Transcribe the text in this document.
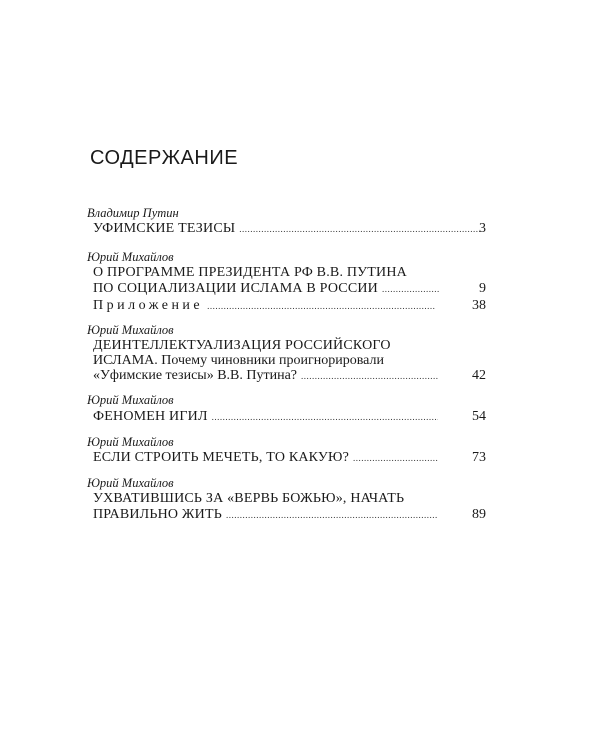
СОДЕРЖАНИЕ
Владимир Путин
УФИМСКИЕ ТЕЗИСЫ .....	3
Юрий Михайлов
О ПРОГРАММЕ ПРЕЗИДЕНТА РФ В.В. ПУТИНА
ПО СОЦИАЛИЗАЦИИ ИСЛАМА В РОССИИ .....	9
Приложение .....	38
Юрий Михайлов
ДЕИНТЕЛЛЕКТУАЛИЗАЦИЯ РОССИЙСКОГО
ИСЛАМА. Почему чиновники проигнорировали
«Уфимские тезисы» В.В. Путина? .....	42
Юрий Михайлов
ФЕНОМЕН ИГИЛ .....	54
Юрий Михайлов
ЕСЛИ СТРОИТЬ МЕЧЕТЬ, ТО КАКУЮ? .....	73
Юрий Михайлов
УХВАТИВШИСЬ ЗА «ВЕРВЬ БОЖЬЮ», НАЧАТЬ
ПРАВИЛЬНО ЖИТЬ .....	89
